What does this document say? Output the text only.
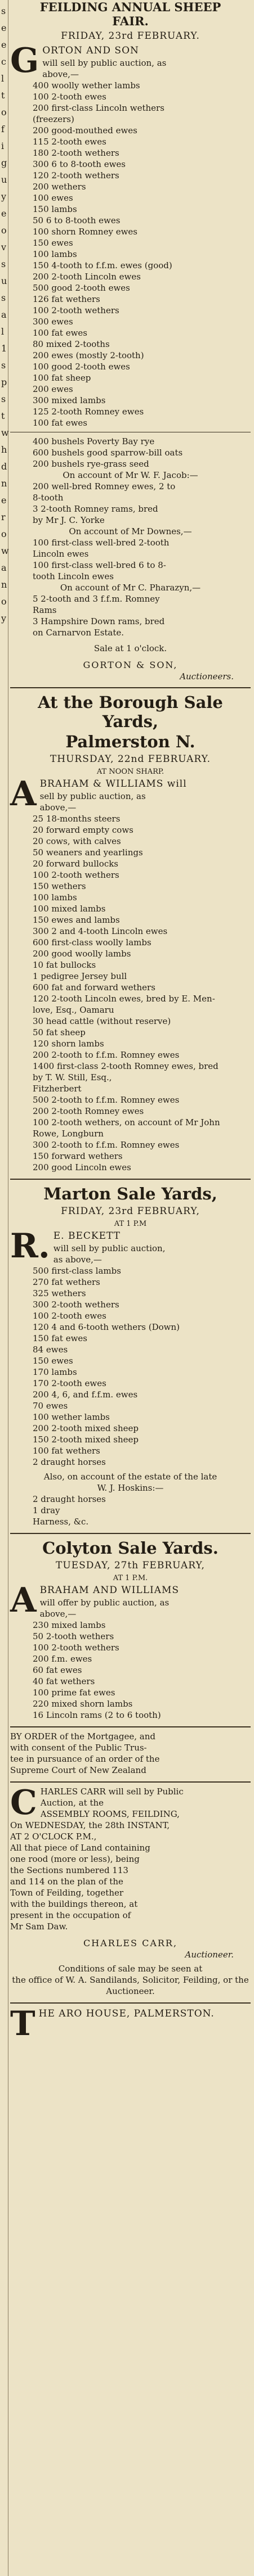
s
e
e
c
l
t
o
f
i
g
u
y
e
o
v
s
u
s
a
l
1
s
p
s
t
w
h
d
n
e
r
o
w
a
n
o
y

FEILDING ANNUAL SHEEP

FAIR.

FRIDAY, 23rd FEBRUARY.

G ORTON AND SON
will sell by public auction, as
above,—
400 woolly wether lambs
100 2-tooth ewes
200 first-class Lincoln wethers
(freezers)
200 good-mouthed ewes
115 2-tooth ewes
180 2-tooth wethers
300 6 to 8-tooth ewes
120 2-tooth wethers
200 wethers
100 ewes
150 lambs
50 6 to 8-tooth ewes
100 shorn Romney ewes
150 ewes
100 lambs
150 4-tooth to f.f.m. ewes (good)
200 2-tooth Lincoln ewes
500 good 2-tooth ewes
126 fat wethers
100 2-tooth wethers
300 ewes
100 fat ewes
80 mixed 2-tooths
200 ewes (mostly 2-tooth)
100 good 2-tooth ewes
100 fat sheep
200 ewes
300 mixed lambs
125 2-tooth Romney ewes
100 fat ewes
400 bushels Poverty Bay rye
600 bushels good sparrow-bill oats
200 bushels rye-grass seed
On account of Mr W. F. Jacob:—
200 well-bred Romney ewes, 2 to
8-tooth
3 2-tooth Romney rams, bred
by Mr J. C. Yorke
On account of Mr Downes,—
100 first-class well-bred 2-tooth
Lincoln ewes
100 first-class well-bred 6 to 8-
tooth Lincoln ewes
On account of Mr C. Pharazyn,—
5 2-tooth and 3 f.f.m. Romney
Rams
3 Hampshire Down rams, bred
on Carnarvon Estate.
Sale at 1 o'clock.
GORTON & SON,
Auctioneers.

At the Borough Sale Yards,

Palmerston N.

THURSDAY, 22nd FEBRUARY.

AT NOON SHARP.
A BRAHAM & WILLIAMS will
sell by public auction, as
above,—
25 18-months steers
20 forward empty cows
20 cows, with calves
50 weaners and yearlings
20 forward bullocks
100 2-tooth wethers
150 wethers
100 lambs
100 mixed lambs
150 ewes and lambs
300 2 and 4-tooth Lincoln ewes
600 first-class woolly lambs
200 good woolly lambs
10 fat bullocks
1 pedigree Jersey bull
600 fat and forward wethers
120 2-tooth Lincoln ewes, bred by E. Men-
love, Esq., Oamaru
30 head cattle (without reserve)
50 fat sheep
120 shorn lambs
200 2-tooth to f.f.m. Romney ewes
1400 first-class 2-tooth Romney ewes, bred
by T. W. Still, Esq.,
Fitzherbert
500 2-tooth to f.f.m. Romney ewes
200 2-tooth Romney ewes
100 2-tooth wethers, on account of Mr John
Rowe, Longburn
300 2-tooth to f.f.m. Romney ewes
150 forward wethers
200 good Lincoln ewes

Marton Sale Yards,

FRIDAY, 23rd FEBRUARY,

AT 1 P.M
R. E. BECKETT
will sell by public auction,
as above,—
500 first-class lambs
270 fat wethers
325 wethers
300 2-tooth wethers
100 2-tooth ewes
120 4 and 6-tooth wethers (Down)
150 fat ewes
84 ewes
150 ewes
170 lambs
170 2-tooth ewes
200 4, 6, and f.f.m. ewes
70 ewes
100 wether lambs
200 2-tooth mixed sheep
150 2-tooth mixed sheep
100 fat wethers
2 draught horses
Also, on account of the estate of the late
W. J. Hoskins:—
2 draught horses
1 dray
Harness, &c.

Colyton Sale Yards.

TUESDAY, 27th FEBRUARY,

AT 1 P.M.
A BRAHAM AND WILLIAMS
will offer by public auction, as
above,—
230 mixed lambs
50 2-tooth wethers
100 2-tooth wethers
200 f.m. ewes
60 fat ewes
40 fat wethers
100 prime fat ewes
220 mixed shorn lambs
16 Lincoln rams (2 to 6 tooth)
BY ORDER of the Mortgagee, and
with consent of the Public Trus-
tee in pursuance of an order of the
Supreme Court of New Zealand
C HARLES CARR will sell by Public
Auction, at the
ASSEMBLY ROOMS, FEILDING,
On WEDNESDAY, the 28th INSTANT,
AT 2 O'CLOCK P.M.,
All that piece of Land containing
one rood (more or less), being
the Sections numbered 113
and 114 on the plan of the
Town of Feilding, together
with the buildings thereon, at
present in the occupation of
Mr Sam Daw.
CHARLES CARR,
Auctioneer.
Conditions of sale may be seen at
the office of W. A. Sandilands, Solicitor, Feilding, or the Auctioneer.
T HE ARO HOUSE, PALMERSTON.
